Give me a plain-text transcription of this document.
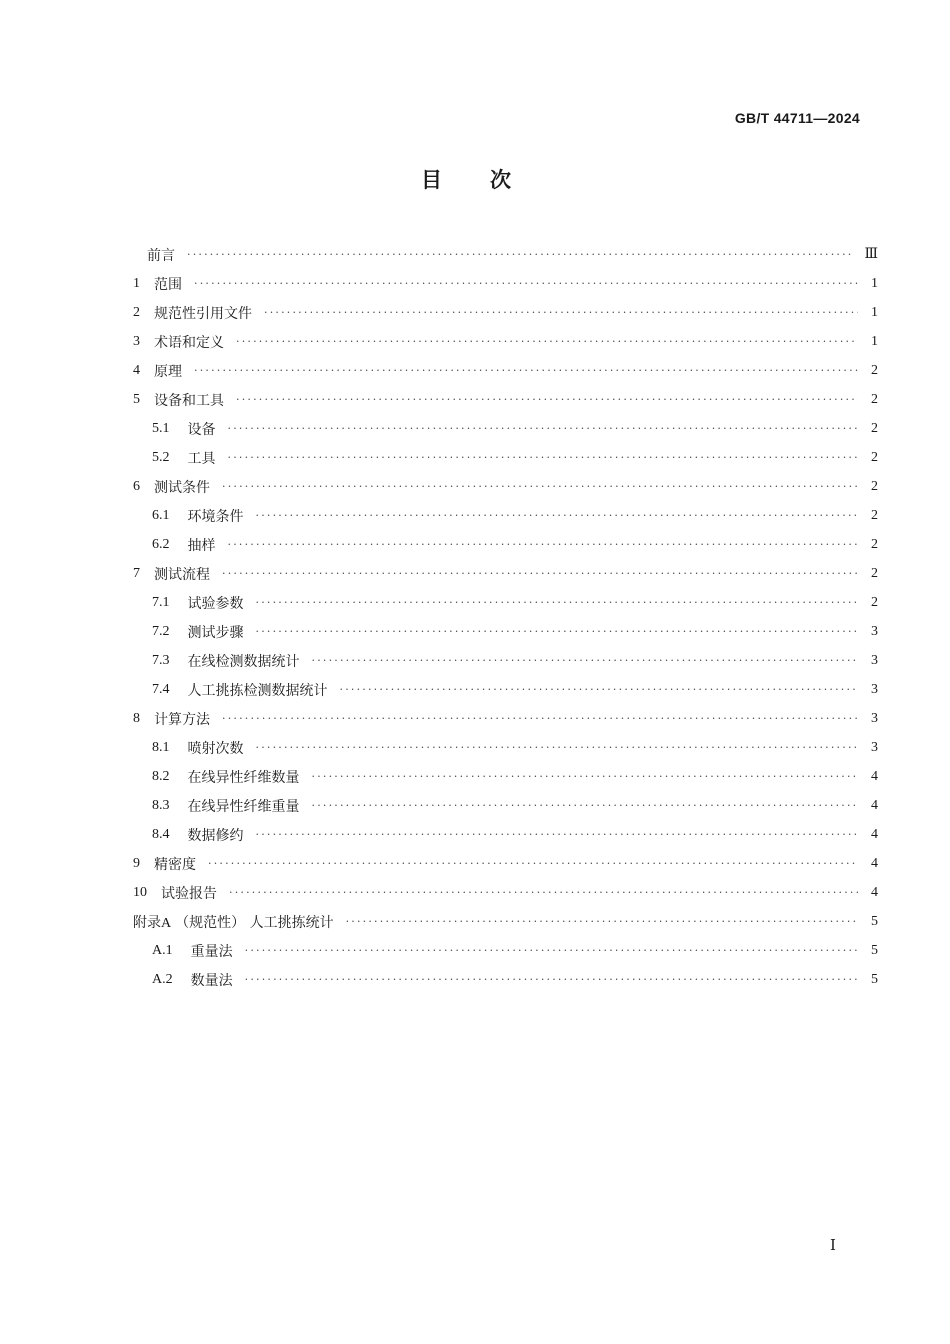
GB/T 44711—2024
目次
前言 ·····	Ⅲ
1 范围 ·····	1
2 规范性引用文件 ·····	1
3 术语和定义 ·····	1
4 原理 ·····	2
5 设备和工具 ·····	2
5.1 设备 ·····	2
5.2 工具 ·····	2
6 测试条件 ·····	2
6.1 环境条件 ·····	2
6.2 抽样 ·····	2
7 测试流程 ·····	2
7.1 试验参数 ·····	2
7.2 测试步骤 ·····	3
7.3 在线检测数据统计 ·····	3
7.4 人工挑拣检测数据统计 ·····	3
8 计算方法 ·····	3
8.1 喷射次数 ·····	3
8.2 在线异性纤维数量 ·····	4
8.3 在线异性纤维重量 ·····	4
8.4 数据修约 ·····	4
9 精密度 ·····	4
10 试验报告 ·····	4
附录A （规范性） 人工挑拣统计 ·····	5
A.1 重量法 ·····	5
A.2 数量法 ·····	5
Ⅰ
